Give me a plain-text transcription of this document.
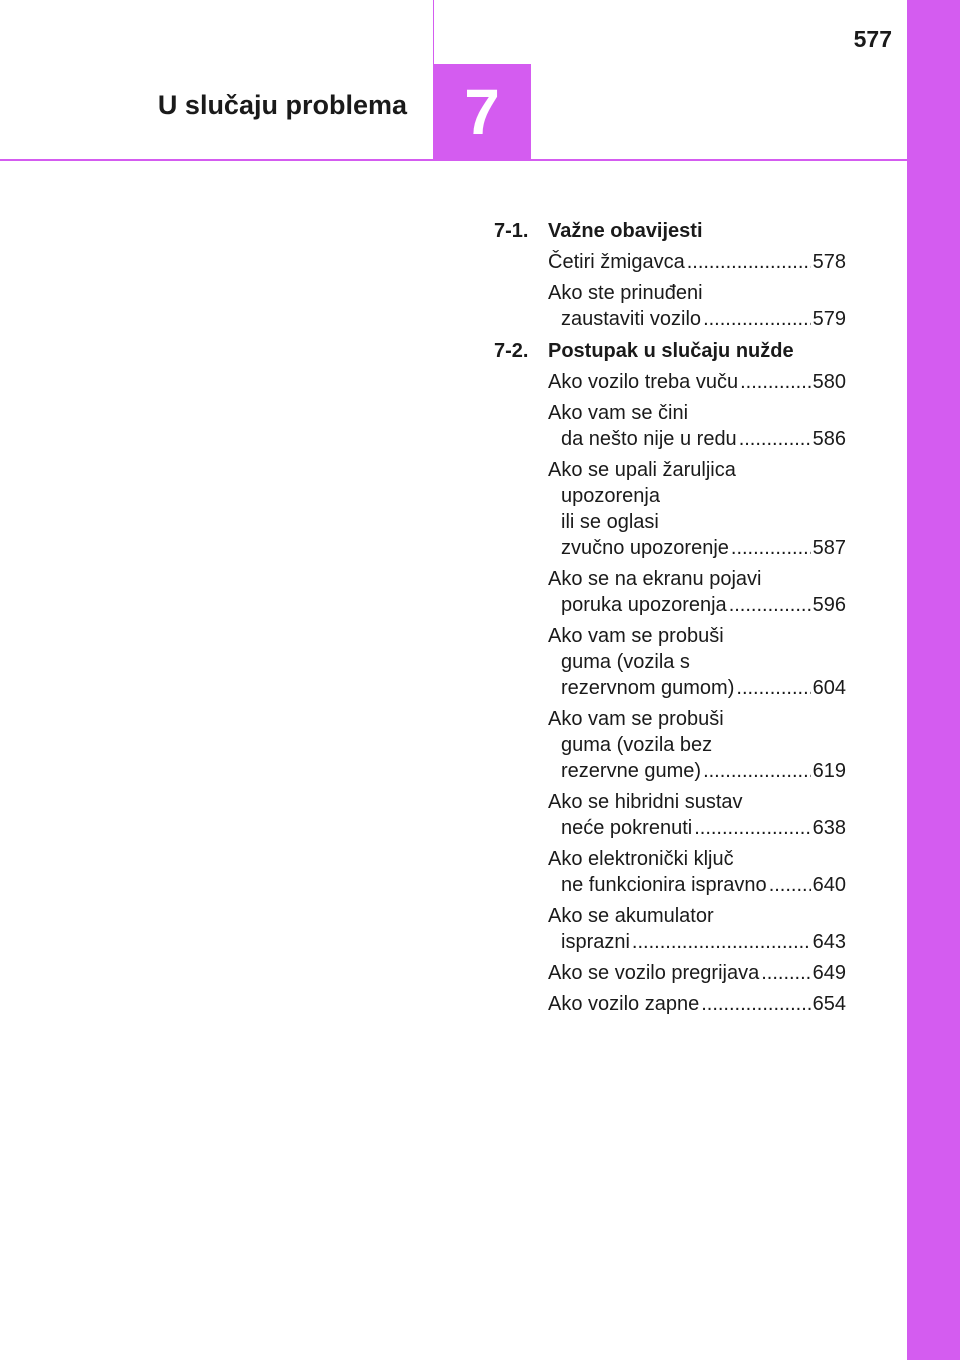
577
U slučaju problema 7
7-1. Važne obavijesti
Četiri žmigavca .....	578
Ako ste prinuđeni
zaustaviti vozilo .....	579
7-2. Postupak u slučaju nužde
Ako vozilo treba vuču .....	580
Ako vam se čini
da nešto nije u redu .....	586
Ako se upali žaruljica
upozorenja
ili se oglasi
zvučno upozorenje .....	587
Ako se na ekranu pojavi
poruka upozorenja .....	596
Ako vam se probuši
guma (vozila s
rezervnom gumom) .....	604
Ako vam se probuši
guma (vozila bez
rezervne gume) .....	619
Ako se hibridni sustav
neće pokrenuti .....	638
Ako elektronički ključ
ne funkcionira ispravno ..... 640
Ako se akumulator
isprazni .....	643
Ako se vozilo pregrijava .....	649
Ako vozilo zapne .....	654
carmanualsonline.info
